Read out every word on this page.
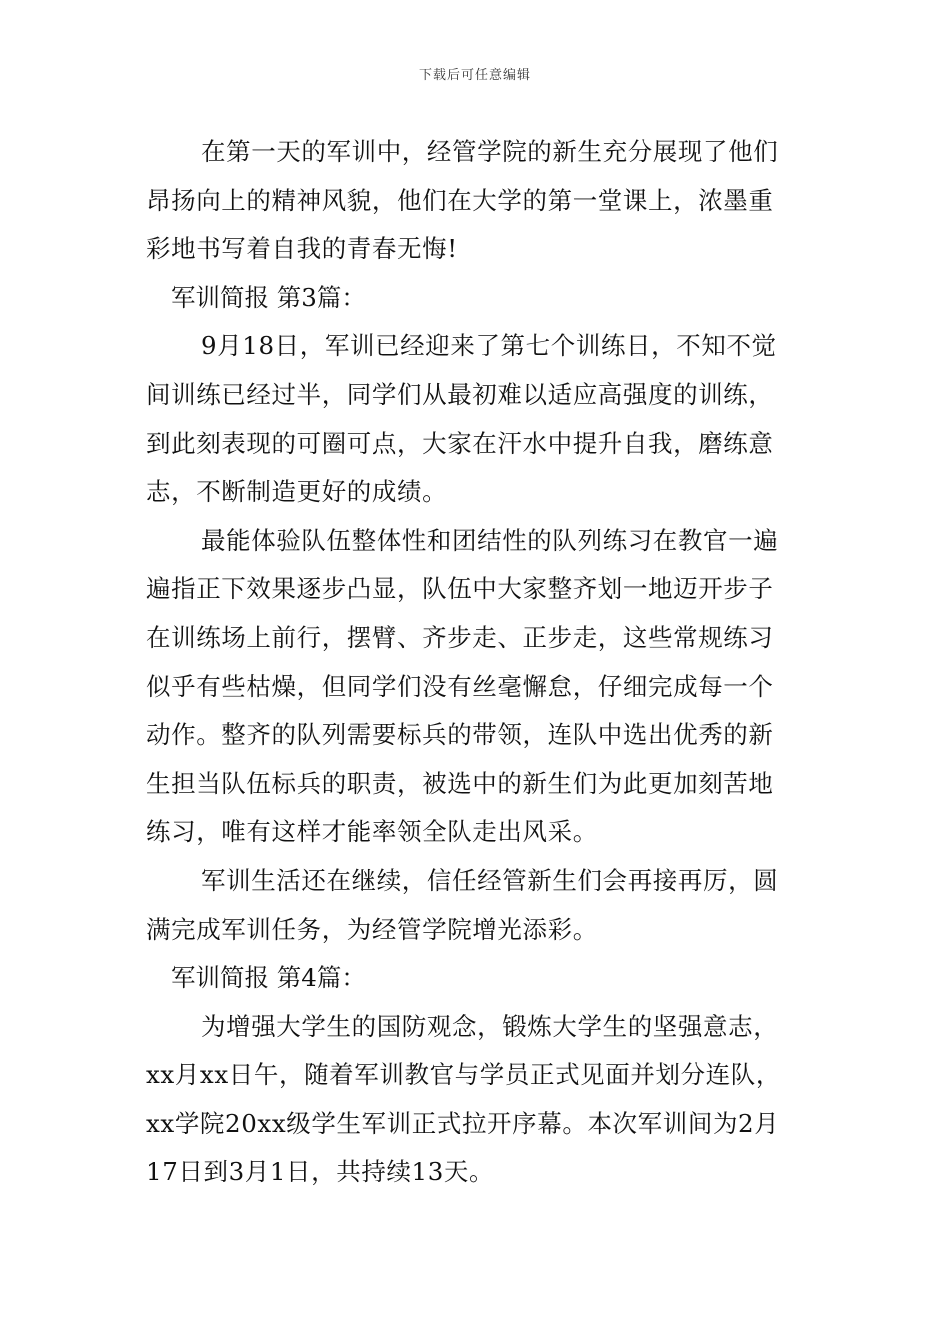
下载后可任意编辑
在第一天的军训中，经管学院的新生充分展现了他们
昂扬向上的精神风貌，他们在大学的第一堂课上，浓墨重
彩地书写着自我的青春无悔!
军训简报 第3篇：
9月18日，军训已经迎来了第七个训练日，不知不觉
间训练已经过半，同学们从最初难以适应高强度的训练，
到此刻表现的可圈可点，大家在汗水中提升自我，磨练意
志，不断制造更好的成绩。
最能体验队伍整体性和团结性的队列练习在教官一遍
遍指正下效果逐步凸显，队伍中大家整齐划一地迈开步子
在训练场上前行，摆臂、齐步走、正步走，这些常规练习
似乎有些枯燥，但同学们没有丝毫懈怠，仔细完成每一个
动作。整齐的队列需要标兵的带领，连队中选出优秀的新
生担当队伍标兵的职责，被选中的新生们为此更加刻苦地
练习，唯有这样才能率领全队走出风采。
军训生活还在继续，信任经管新生们会再接再厉，圆
满完成军训任务，为经管学院增光添彩。
军训简报 第4篇：
为增强大学生的国防观念，锻炼大学生的坚强意志，
xx月xx日午，随着军训教官与学员正式见面并划分连队，
xx学院20xx级学生军训正式拉开序幕。本次军训间为2月
17日到3月1日，共持续13天。
